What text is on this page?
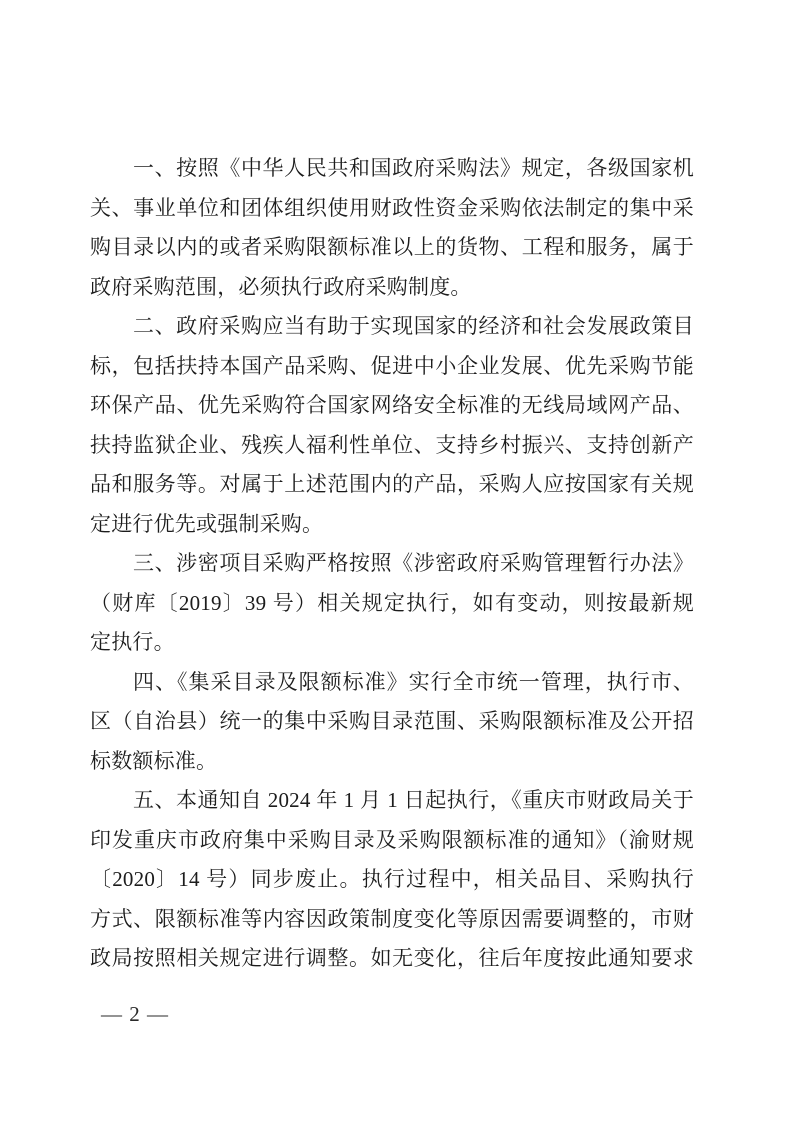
一、按照《中华人民共和国政府采购法》规定，各级国家机
关、事业单位和团体组织使用财政性资金采购依法制定的集中采
购目录以内的或者采购限额标准以上的货物、工程和服务，属于
政府采购范围，必须执行政府采购制度。
二、政府采购应当有助于实现国家的经济和社会发展政策目
标，包括扶持本国产品采购、促进中小企业发展、优先采购节能
环保产品、优先采购符合国家网络安全标准的无线局域网产品、
扶持监狱企业、残疾人福利性单位、支持乡村振兴、支持创新产
品和服务等。对属于上述范围内的产品，采购人应按国家有关规
定进行优先或强制采购。
三、涉密项目采购严格按照《涉密政府采购管理暂行办法》
（财库〔2019〕39 号）相关规定执行，如有变动，则按最新规
定执行。
四、《集采目录及限额标准》实行全市统一管理，执行市、
区（自治县）统一的集中采购目录范围、采购限额标准及公开招
标数额标准。
五、本通知自 2024 年 1 月 1 日起执行，《重庆市财政局关于
印发重庆市政府集中采购目录及采购限额标准的通知》（渝财规
〔2020〕14 号）同步废止。执行过程中，相关品目、采购执行
方式、限额标准等内容因政策制度变化等原因需要调整的，市财
政局按照相关规定进行调整。如无变化，往后年度按此通知要求
— 2 —
